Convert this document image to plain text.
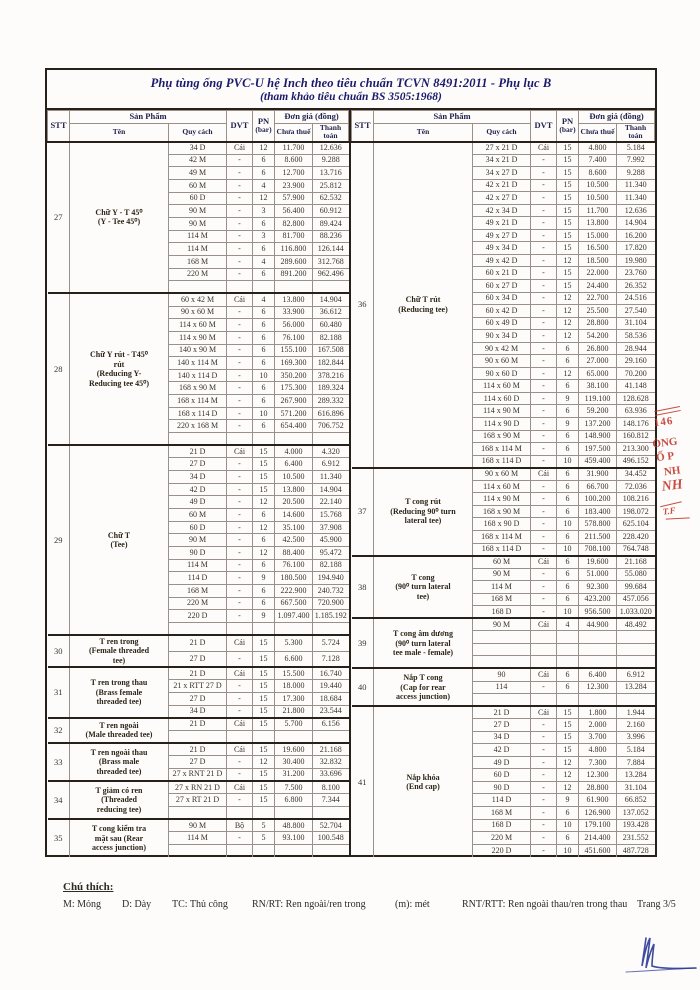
Phụ tùng ống PVC-U hệ Inch theo tiêu chuẩn TCVN 8491:2011 - Phụ lục B
(tham khảo tiêu chuẩn BS 3505:1968)
STT	Sản Phẩm		DVT	PN
(bar)	Đơn giá (đồng)	
	Tên	Quy cách			Chưa thuế	Thanh toán
27	Chữ Y - T 45⁰
(Y - Tee 45⁰)	34 D	Cái	12	11.700	12.636
		42 M	-	6	8.600	9.288
		49 M	-	6	12.700	13.716
		60 M	-	4	23.900	25.812
		60 D	-	12	57.900	62.532
		90 M	-	3	56.400	60.912
		90 M	-	6	82.800	89.424
		114 M	-	3	81.700	88.236
		114 M	-	6	116.800	126.144
		168 M	-	4	289.600	312.768
		220 M	-	6	891.200	962.496

28	Chữ Y rút - T45⁰
rút
(Reducing Y-
Reducing tee 45⁰)	60 x 42 M	Cái	4	13.800	14.904
		90 x 60 M	-	6	33.900	36.612
		114 x 60 M	-	6	56.000	60.480
		114 x 90 M	-	6	76.100	82.188
		140 x 90 M	-	6	155.100	167.508
		140 x 114 M	-	6	169.300	182.844
		140 x 114 D	-	10	350.200	378.216
		168 x 90 M	-	6	175.300	189.324
		168 x 114 M	-	6	267.900	289.332
		168 x 114 D	-	10	571.200	616.896
		220 x 168 M	-	6	654.400	706.752

29	Chữ T
(Tee)	21 D	Cái	15	4.000	4.320
		27 D	-	15	6.400	6.912
		34 D	-	15	10.500	11.340
		42 D	-	15	13.800	14.904
		49 D	-	12	20.500	22.140
		60 M	-	6	14.600	15.768
		60 D	-	12	35.100	37.908
		90 M	-	6	42.500	45.900
		90 D	-	12	88.400	95.472
		114 M	-	6	76.100	82.188
		114 D	-	9	180.500	194.940
		168 M	-	6	222.900	240.732
		220 M	-	6	667.500	720.900
		220 D	-	9	1.097.400	1.185.192

30	T ren trong
(Female threaded
tee)	21 D	Cái	15	5.300	5.724
		27 D	-	15	6.600	7.128
31	T ren trong thau
(Brass female
threaded tee)	21 D	Cái	15	15.500	16.740
		21 x RTT 27 D	-	15	18.000	19.440
		27 D	-	15	17.300	18.684
		34 D	-	15	21.800	23.544
32	T ren ngoài
(Male threaded tee)	21 D	Cái	15	5.700	6.156

33	T ren ngoài thau
(Brass male
threaded tee)	21 D	Cái	15	19.600	21.168
		27 D	-	12	30.400	32.832
		27 x RNT 21 D	-	15	31.200	33.696
34	T giảm có ren
(Threaded
reducing tee)	27 x RN 21 D	Cái	15	7.500	8.100
		27 x RT 21 D	-	15	6.800	7.344

35	T cong kiểm tra
mặt sau (Rear
access junction)	90 M	Bộ	5	48.800	52.704
		114 M	-	5	93.100	100.548

STT	Sản Phẩm		DVT	PN
(bar)	Đơn giá (đồng)	
	Tên	Quy cách			Chưa thuế	Thanh toán
36	Chữ T rút
(Reducing tee)	27 x 21 D	Cái	15	4.800	5.184
		34 x 21 D	-	15	7.400	7.992
		34 x 27 D	-	15	8.600	9.288
		42 x 21 D	-	15	10.500	11.340
		42 x 27 D	-	15	10.500	11.340
		42 x 34 D	-	15	11.700	12.636
		49 x 21 D	-	15	13.800	14.904
		49 x 27 D	-	15	15.000	16.200
		49 x 34 D	-	15	16.500	17.820
		49 x 42 D	-	12	18.500	19.980
		60 x 21 D	-	15	22.000	23.760
		60 x 27 D	-	15	24.400	26.352
		60 x 34 D	-	12	22.700	24.516
		60 x 42 D	-	12	25.500	27.540
		60 x 49 D	-	12	28.800	31.104
		90 x 34 D	-	12	54.200	58.536
		90 x 42 M	-	6	26.800	28.944
		90 x 60 M	-	6	27.000	29.160
		90 x 60 D	-	12	65.000	70.200
		114 x 60 M	-	6	38.100	41.148
		114 x 60 D	-	9	119.100	128.628
		114 x 90 M	-	6	59.200	63.936
		114 x 90 D	-	9	137.200	148.176
		168 x 90 M	-	6	148.900	160.812
		168 x 114 M	-	6	197.500	213.300
		168 x 114 D	-	10	459.400	496.152
37	T cong rút
(Reducing 90⁰ turn
lateral tee)	90 x 60 M	Cái	6	31.900	34.452
		114 x 60 M	-	6	66.700	72.036
		114 x 90 M	-	6	100.200	108.216
		168 x 90 M	-	6	183.400	198.072
		168 x 90 D	-	10	578.800	625.104
		168 x 114 M	-	6	211.500	228.420
		168 x 114 D	-	10	708.100	764.748
38	T cong
(90⁰ turn lateral
tee)	60 M	Cái	6	19.600	21.168
		90 M	-	6	51.000	55.080
		114 M	-	6	92.300	99.684
		168 M	-	6	423.200	457.056
		168 D	-	10	956.500	1.033.020
39	T cong âm dương
(90⁰ turn lateral
tee male - female)	90 M	Cái	4	44.900	48.492

40	Nắp T cong
(Cap for rear
access junction)	90	Cái	6	6.400	6.912
		114	-	6	12.300	13.284

41	Nắp khóa
(End cap)	21 D	Cái	15	1.800	1.944
		27 D	-	15	2.000	2.160
		34 D	-	15	3.700	3.996
		42 D	-	15	4.800	5.184
		49 D	-	12	7.300	7.884
		60 D	-	12	12.300	13.284
		90 D	-	12	28.800	31.104
		114 D	-	9	61.900	66.852
		168 M	-	6	126.900	137.052
		168 D	-	10	179.100	193.428
		220 M	-	6	214.400	231.552
		220 D	-	10	451.600	487.728
Chú thích:
M: Mỏng D: Dày TC: Thủ công RN/RT: Ren ngoài/ren trong	(m): mét	RNT/RTT: Ren ngoài thau/ren trong thau Trang 3/5
146
ÒNG
Ố P
NH
NH
T.F
